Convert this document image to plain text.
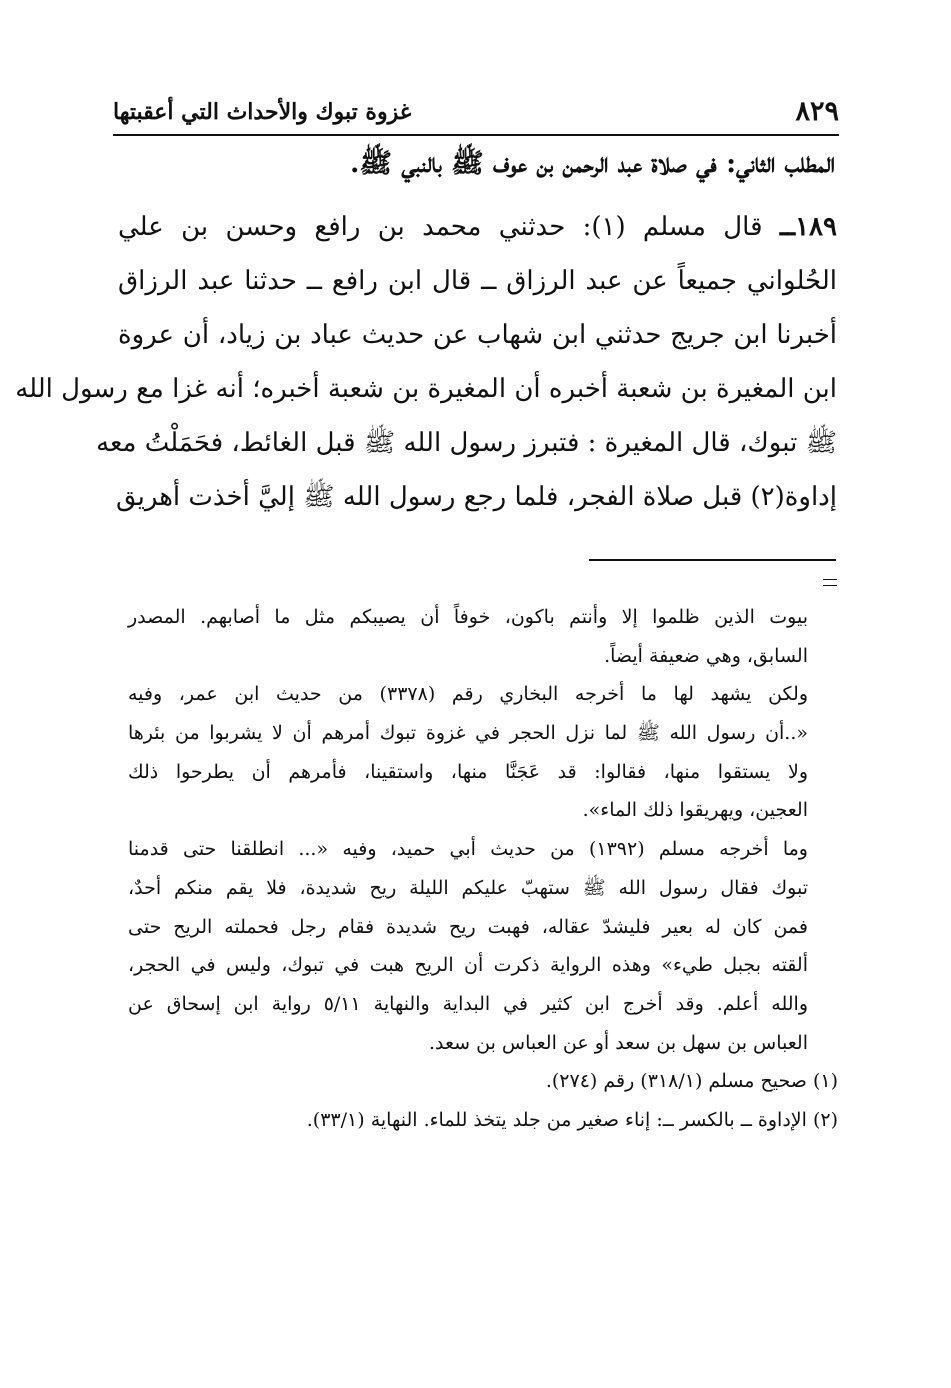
٨٢٩
غزوة تبوك والأحداث التي أعقبتها
المطلب الثاني: في صلاة عبد الرحمن بن عوف ﷺ بالنبي ﷺ.
١٨٩ــ قال مسلم (١): حدثني محمد بن رافع وحسن بن علي
الحُلواني جميعاً عن عبد الرزاق ــ قال ابن رافع ــ حدثنا عبد الرزاق
أخبرنا ابن جريج حدثني ابن شهاب عن حديث عباد بن زياد، أن عروة
ابن المغيرة بن شعبة أخبره أن المغيرة بن شعبة أخبره؛ أنه غزا مع رسول الله
ﷺ تبوك، قال المغيرة : فتبرز رسول الله ﷺ قبل الغائط، فحَمَلْتُ معه
إداوة(٢) قبل صلاة الفجر، فلما رجع رسول الله ﷺ إليَّ أخذت أهريق
بيوت الذين ظلموا إلا وأنتم باكون، خوفاً أن يصيبكم مثل ما أصابهم. المصدر
السابق، وهي ضعيفة أيضاً.
ولكن يشهد لها ما أخرجه البخاري رقم (٣٣٧٨) من حديث ابن عمر، وفيه
«..أن رسول الله ﷺ لما نزل الحجر في غزوة تبوك أمرهم أن لا يشربوا من بئرها
ولا يستقوا منها، فقالوا: قد عَجَنَّا منها، واستقينا، فأمرهم أن يطرحوا ذلك
العجين، ويهريقوا ذلك الماء».
وما أخرجه مسلم (١٣٩٢) من حديث أبي حميد، وفيه «... انطلقنا حتى قدمنا
تبوك فقال رسول الله ﷺ ستهبّ عليكم الليلة ريح شديدة، فلا يقم منكم أحدٌ،
فمن كان له بعير فليشدّ عقاله، فهبت ريح شديدة فقام رجل فحملته الريح حتى
ألقته بجبل طيء» وهذه الرواية ذكرت أن الريح هبت في تبوك، وليس في الحجر،
والله أعلم. وقد أخرج ابن كثير في البداية والنهاية ٥/١١ رواية ابن إسحاق عن
العباس بن سهل بن سعد أو عن العباس بن سعد.
(١) صحيح مسلم (٣١٨/١) رقم (٢٧٤).
(٢) الإداوة ــ بالكسر ــ: إناء صغير من جلد يتخذ للماء. النهاية (٣٣/١).
